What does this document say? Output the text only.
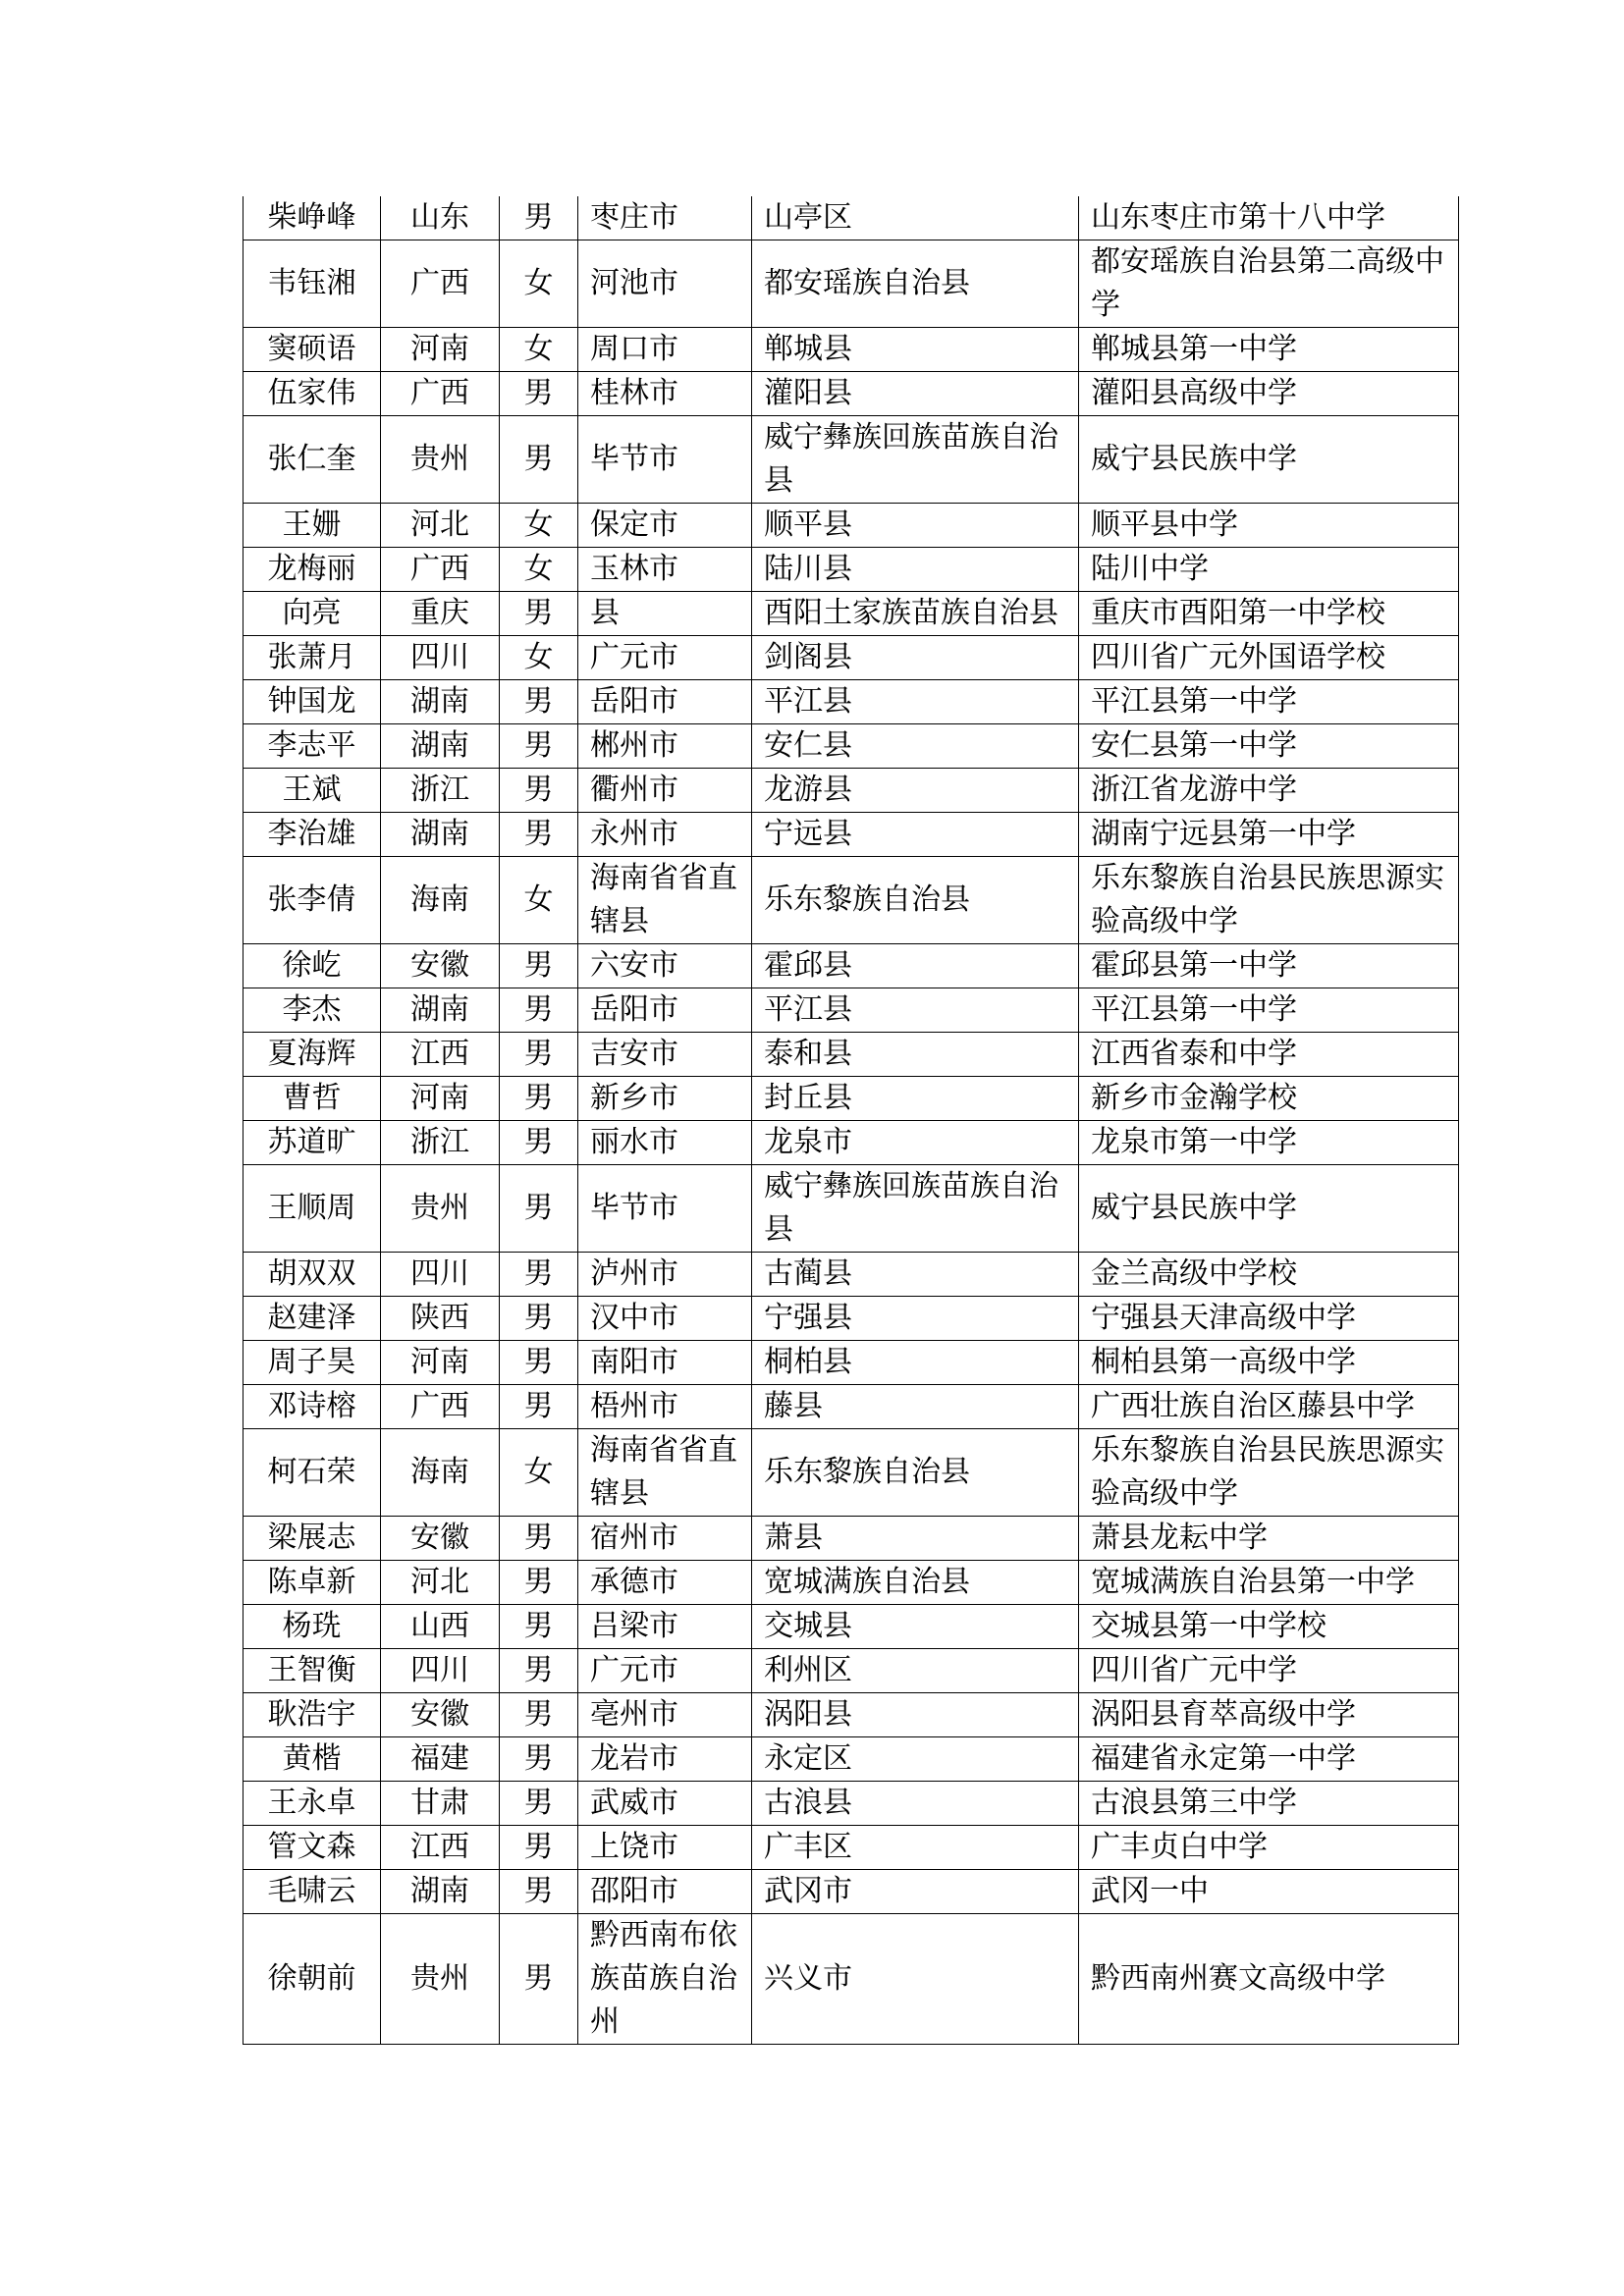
柴峥峰	山东	男	枣庄市	山亭区	山东枣庄市第十八中学
韦钰湘	广西	女	河池市	都安瑶族自治县	都安瑶族自治县第二高级中学
窦硕语	河南	女	周口市	郸城县	郸城县第一中学
伍家伟	广西	男	桂林市	灌阳县	灌阳县高级中学
张仁奎	贵州	男	毕节市	威宁彝族回族苗族自治县	威宁县民族中学
王姗	河北	女	保定市	顺平县	顺平县中学
龙梅丽	广西	女	玉林市	陆川县	陆川中学
向亮	重庆	男	县	酉阳土家族苗族自治县	重庆市酉阳第一中学校
张萧月	四川	女	广元市	剑阁县	四川省广元外国语学校
钟国龙	湖南	男	岳阳市	平江县	平江县第一中学
李志平	湖南	男	郴州市	安仁县	安仁县第一中学
王斌	浙江	男	衢州市	龙游县	浙江省龙游中学
李治雄	湖南	男	永州市	宁远县	湖南宁远县第一中学
张李倩	海南	女	海南省省直辖县	乐东黎族自治县	乐东黎族自治县民族思源实验高级中学
徐屹	安徽	男	六安市	霍邱县	霍邱县第一中学
李杰	湖南	男	岳阳市	平江县	平江县第一中学
夏海辉	江西	男	吉安市	泰和县	江西省泰和中学
曹哲	河南	男	新乡市	封丘县	新乡市金瀚学校
苏道旷	浙江	男	丽水市	龙泉市	龙泉市第一中学
王顺周	贵州	男	毕节市	威宁彝族回族苗族自治县	威宁县民族中学
胡双双	四川	男	泸州市	古蔺县	金兰高级中学校
赵建泽	陕西	男	汉中市	宁强县	宁强县天津高级中学
周子昊	河南	男	南阳市	桐柏县	桐柏县第一高级中学
邓诗榕	广西	男	梧州市	藤县	广西壮族自治区藤县中学
柯石荣	海南	女	海南省省直辖县	乐东黎族自治县	乐东黎族自治县民族思源实验高级中学
梁展志	安徽	男	宿州市	萧县	萧县龙耘中学
陈卓新	河北	男	承德市	宽城满族自治县	宽城满族自治县第一中学
杨珗	山西	男	吕梁市	交城县	交城县第一中学校
王智衡	四川	男	广元市	利州区	四川省广元中学
耿浩宇	安徽	男	亳州市	涡阳县	涡阳县育萃高级中学
黄楷	福建	男	龙岩市	永定区	福建省永定第一中学
王永卓	甘肃	男	武威市	古浪县	古浪县第三中学
管文森	江西	男	上饶市	广丰区	广丰贞白中学
毛啸云	湖南	男	邵阳市	武冈市	武冈一中
徐朝前	贵州	男	黔西南布依族苗族自治州	兴义市	黔西南州赛文高级中学
